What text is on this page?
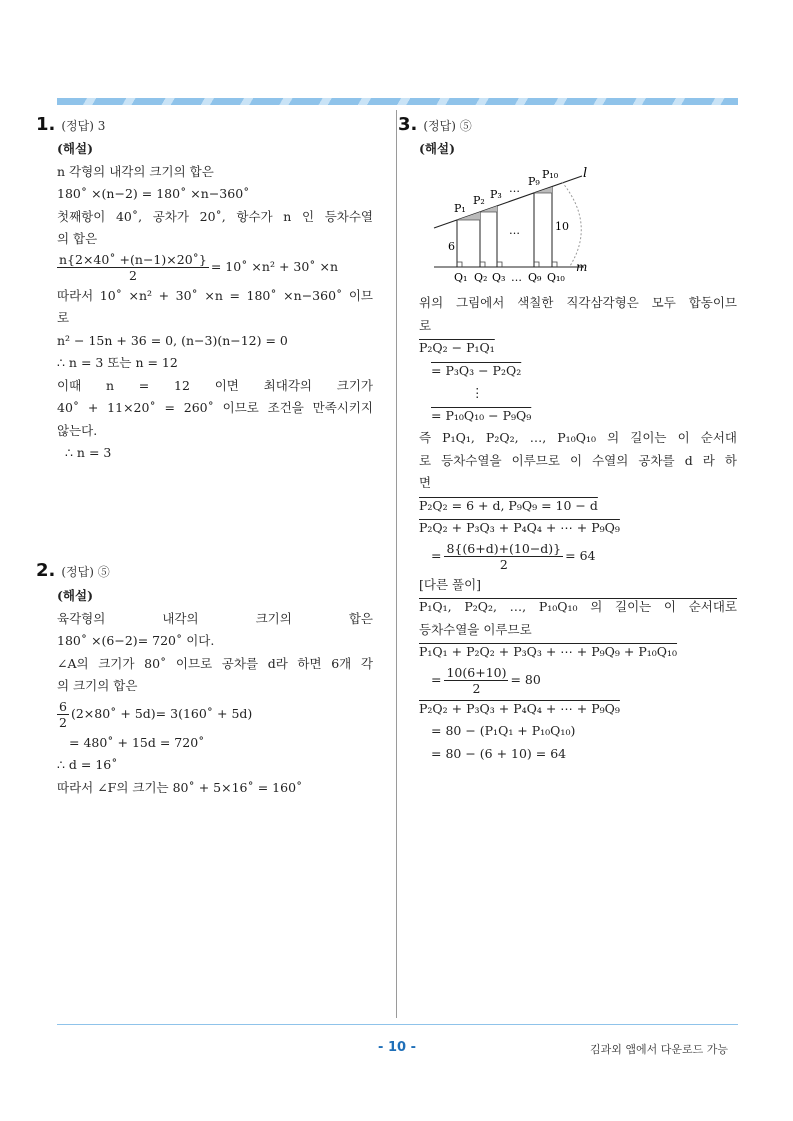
1. (정답) 3
(해설)
n 각형의 내각의 크기의 합은
180˚ ×(n−2) = 180˚ ×n−360˚
첫째항이 40˚, 공차가 20˚, 항수가 n 인 등차수열
의 합은
$\frac{n\{2\times 40˚ +(n-1)\times 20˚\}}{2}$ = 10˚ ×n² + 30˚ ×n
따라서 10˚ ×n² + 30˚ ×n = 180˚ ×n−360˚ 이므
로
n² − 15n + 36 = 0, (n−3)(n−12) = 0
∴ n = 3 또는 n = 12
이때 n = 12 이면 최대각의 크기가
40˚ + 11×20˚ = 260˚ 이므로 조건을 만족시키지
않는다.
∴ n = 3
2. (정답) ⑤
(해설)
육각형의 내각의 크기의 합은
180˚ ×(6−2)= 720˚ 이다.
∠A의 크기가 80˚ 이므로 공차를 d라 하면 6개 각
의 크기의 합은
$\frac{6}{2}$ (2×80˚ + 5d)= 3(160˚ + 5d)
= 480˚ + 15d = 720˚
∴ d = 16˚
따라서 ∠F의 크기는 80˚ + 5×16˚ = 160˚
3. (정답) ⑤
(해설)
l
m
P₁
P₂ P₃ …
P₉
P₁₀
Q₁ Q₂ Q₃ … Q₉ Q₁₀
6
10
…
위의 그림에서 색칠한 직각삼각형은 모두 합동이므
로
P₂Q₂ − P₁Q₁
= P₃Q₃ − P₂Q₂
⋮
= P₁₀Q₁₀ − P₉Q₉
즉 P₁Q₁, P₂Q₂, …, P₁₀Q₁₀ 의 길이는 이 순서대
로 등차수열을 이루므로 이 수열의 공차를 d 라 하
면
P₂Q₂ = 6 + d, P₉Q₉ = 10 − d
P₂Q₂ + P₃Q₃ + P₄Q₄ + ⋯ + P₉Q₉
= $\frac{8\{(6+d)+(10-d)\}}{2} = 64$
[다른 풀이]
P₁Q₁, P₂Q₂, …, P₁₀Q₁₀ 의 길이는 이 순서대로
등차수열을 이루므로
P₁Q₁ + P₂Q₂ + P₃Q₃ + ⋯ + P₉Q₉ + P₁₀Q₁₀
= $\frac{10(6+10)}{2} = 80$
P₂Q₂ + P₃Q₃ + P₄Q₄ + ⋯ + P₉Q₉
= 80 − (P₁Q₁ + P₁₀Q₁₀)
= 80 − (6 + 10) = 64
- 10 -	김과외 앱에서 다운로드 가능
